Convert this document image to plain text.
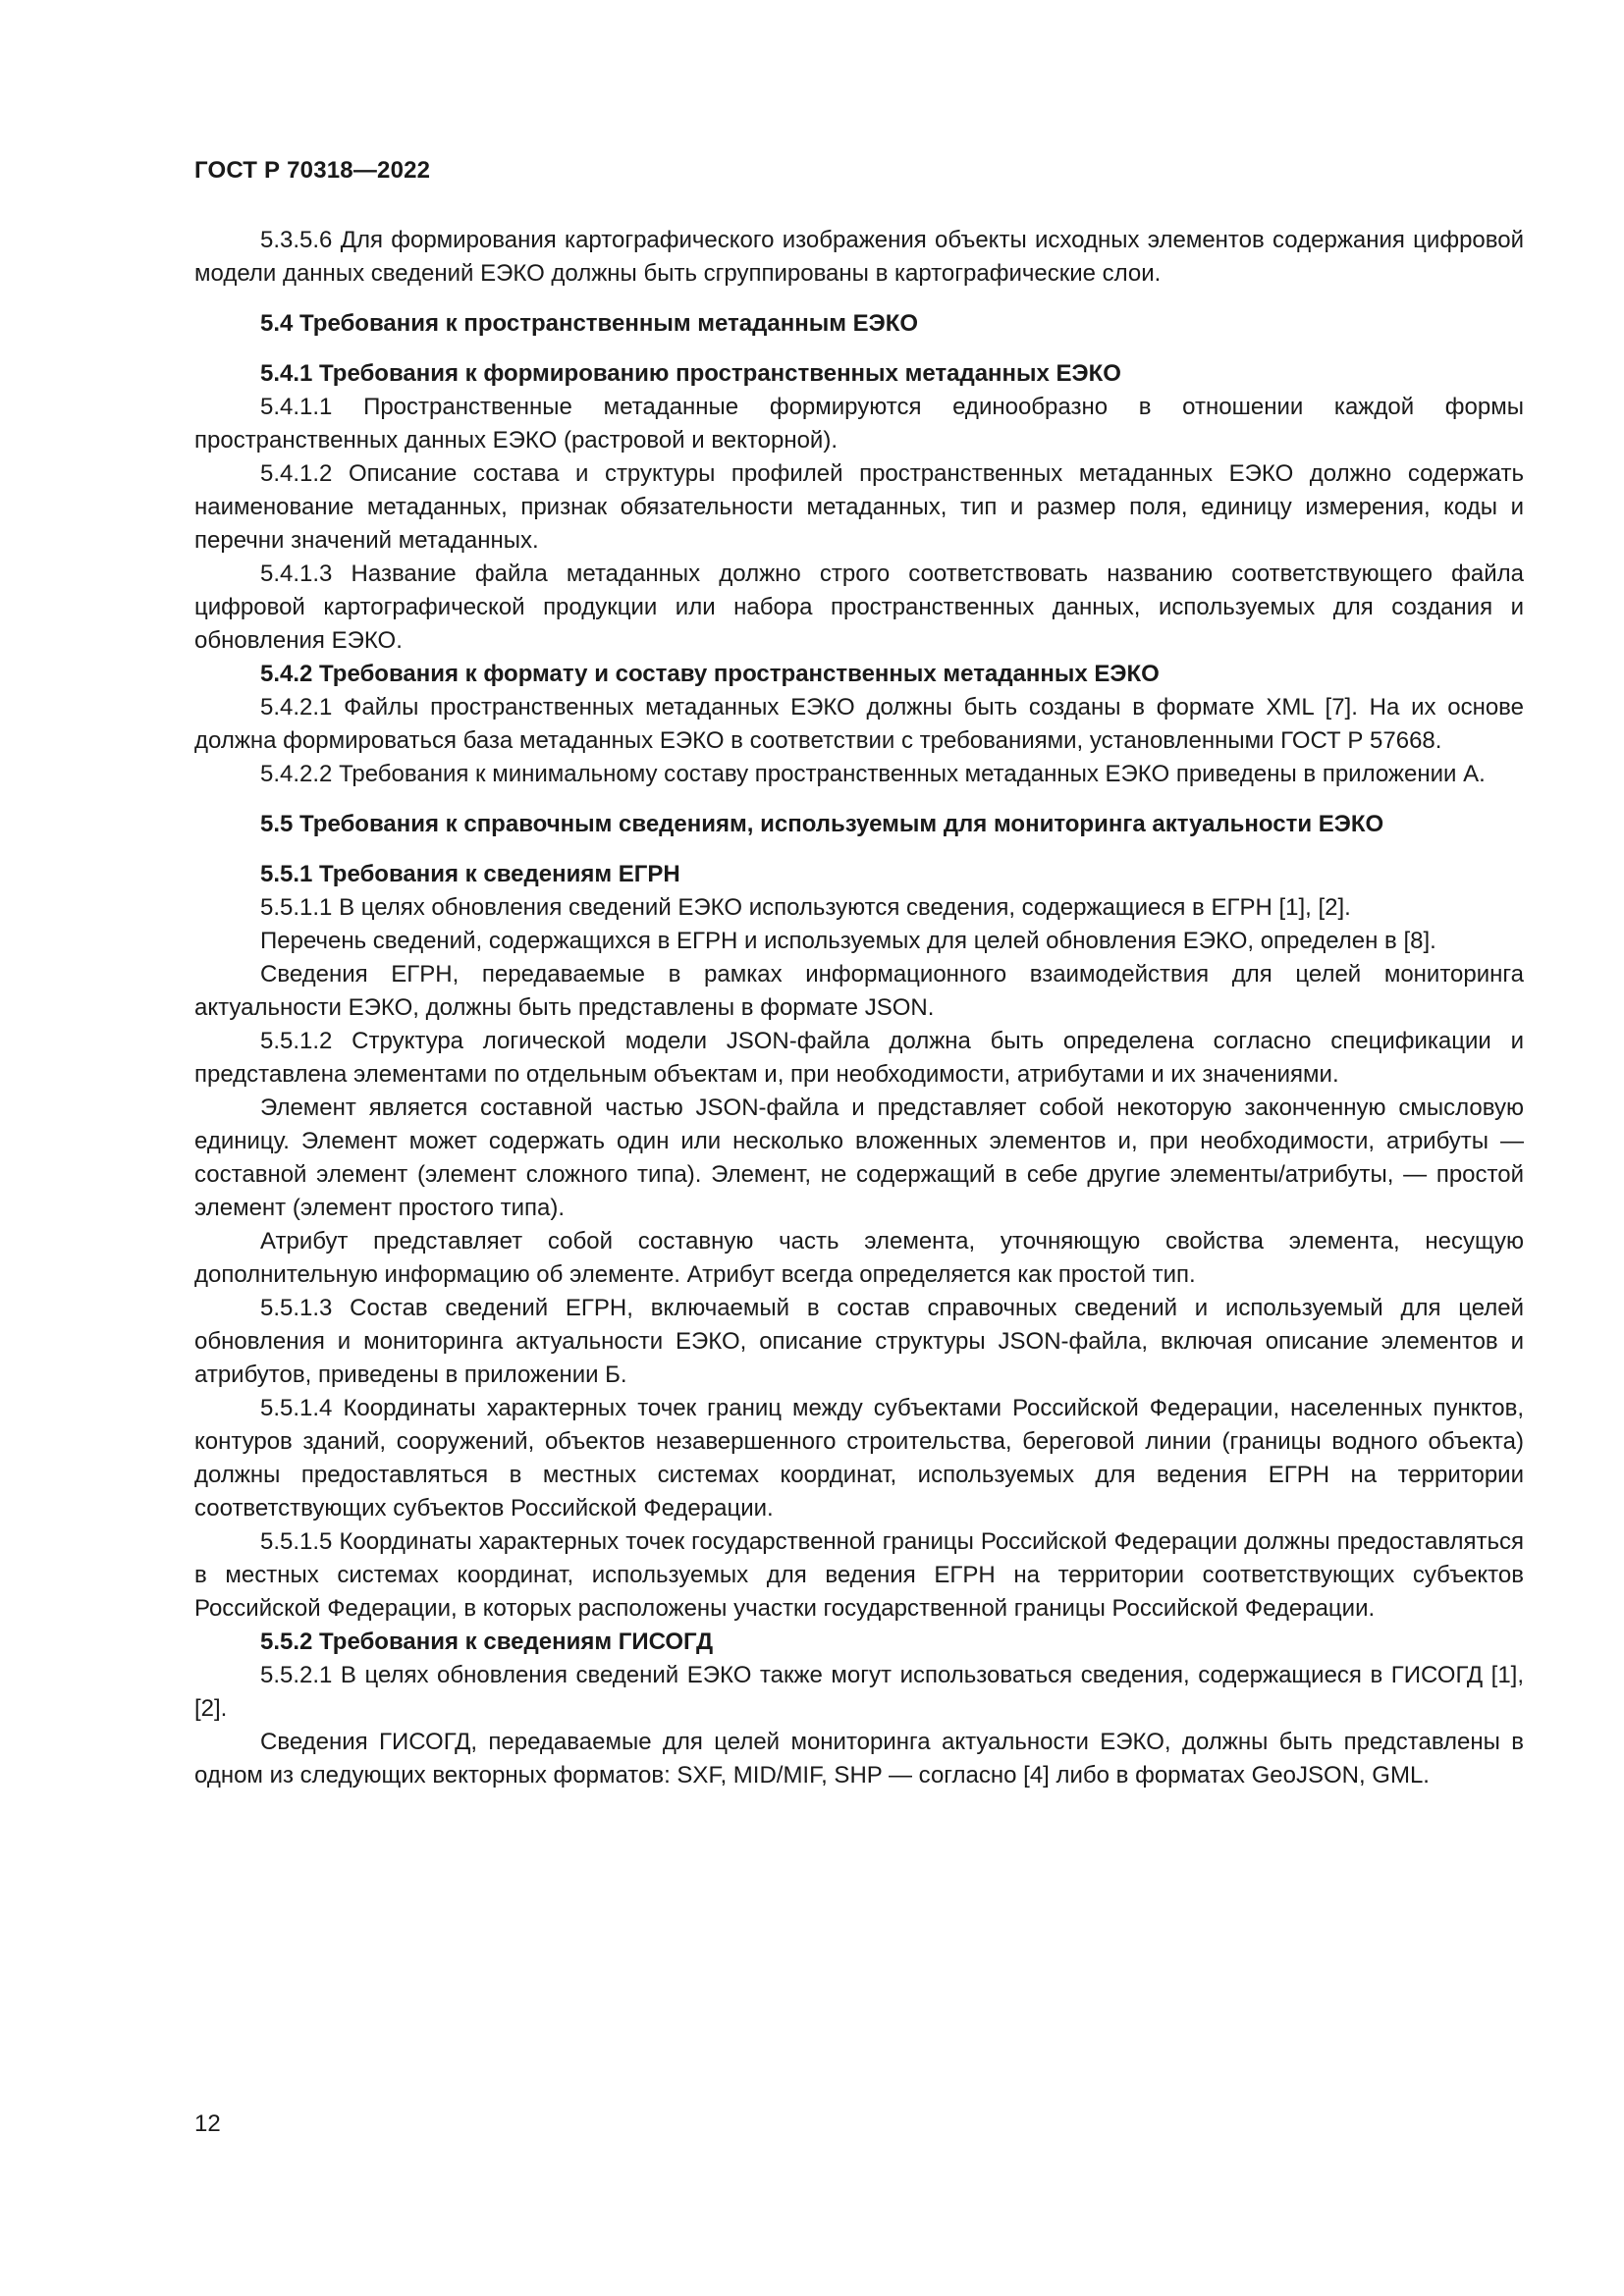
ГОСТ Р 70318—2022

5.3.5.6 Для формирования картографического изображения объекты исходных элементов содержания цифровой модели данных сведений ЕЭКО должны быть сгруппированы в картографические слои.

5.4 Требования к пространственным метаданным ЕЭКО

5.4.1 Требования к формированию пространственных метаданных ЕЭКО

5.4.1.1 Пространственные метаданные формируются единообразно в отношении каждой формы пространственных данных ЕЭКО (растровой и векторной).

5.4.1.2 Описание состава и структуры профилей пространственных метаданных ЕЭКО должно содержать наименование метаданных, признак обязательности метаданных, тип и размер поля, единицу измерения, коды и перечни значений метаданных.

5.4.1.3 Название файла метаданных должно строго соответствовать названию соответствующего файла цифровой картографической продукции или набора пространственных данных, используемых для создания и обновления ЕЭКО.

5.4.2 Требования к формату и составу пространственных метаданных ЕЭКО

5.4.2.1 Файлы пространственных метаданных ЕЭКО должны быть созданы в формате XML [7]. На их основе должна формироваться база метаданных ЕЭКО в соответствии с требованиями, установленными ГОСТ Р 57668.

5.4.2.2 Требования к минимальному составу пространственных метаданных ЕЭКО приведены в приложении А.

5.5 Требования к справочным сведениям, используемым для мониторинга актуальности ЕЭКО

5.5.1 Требования к сведениям ЕГРН

5.5.1.1 В целях обновления сведений ЕЭКО используются сведения, содержащиеся в ЕГРН [1], [2].

Перечень сведений, содержащихся в ЕГРН и используемых для целей обновления ЕЭКО, определен в [8].

Сведения ЕГРН, передаваемые в рамках информационного взаимодействия для целей мониторинга актуальности ЕЭКО, должны быть представлены в формате JSON.

5.5.1.2 Структура логической модели JSON-файла должна быть определена согласно спецификации и представлена элементами по отдельным объектам и, при необходимости, атрибутами и их значениями.

Элемент является составной частью JSON-файла и представляет собой некоторую законченную смысловую единицу. Элемент может содержать один или несколько вложенных элементов и, при необходимости, атрибуты — составной элемент (элемент сложного типа). Элемент, не содержащий в себе другие элементы/атрибуты, — простой элемент (элемент простого типа).

Атрибут представляет собой составную часть элемента, уточняющую свойства элемента, несущую дополнительную информацию об элементе. Атрибут всегда определяется как простой тип.

5.5.1.3 Состав сведений ЕГРН, включаемый в состав справочных сведений и используемый для целей обновления и мониторинга актуальности ЕЭКО, описание структуры JSON-файла, включая описание элементов и атрибутов, приведены в приложении Б.

5.5.1.4 Координаты характерных точек границ между субъектами Российской Федерации, населенных пунктов, контуров зданий, сооружений, объектов незавершенного строительства, береговой линии (границы водного объекта) должны предоставляться в местных системах координат, используемых для ведения ЕГРН на территории соответствующих субъектов Российской Федерации.

5.5.1.5 Координаты характерных точек государственной границы Российской Федерации должны предоставляться в местных системах координат, используемых для ведения ЕГРН на территории соответствующих субъектов Российской Федерации, в которых расположены участки государственной границы Российской Федерации.

5.5.2 Требования к сведениям ГИСОГД

5.5.2.1 В целях обновления сведений ЕЭКО также могут использоваться сведения, содержащиеся в ГИСОГД [1], [2].

Сведения ГИСОГД, передаваемые для целей мониторинга актуальности ЕЭКО, должны быть представлены в одном из следующих векторных форматов: SXF, MID/MIF, SHP — согласно [4] либо в форматах GeoJSON, GML.

12
